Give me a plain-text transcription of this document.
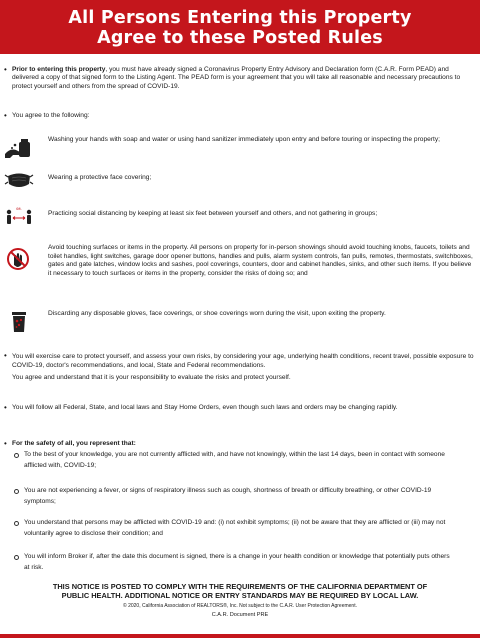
All Persons Entering this Property
Agree to these Posted Rules
• Prior to entering this property, you must have already signed a Coronavirus Property Entry Advisory and Declaration form (C.A.R. Form PEAD) and delivered a copy of that signed form to the Listing Agent. The PEAD form is your agreement that you will take all reasonable and necessary precautions to protect yourself and others from the spread of COVID-19.
• You agree to the following:
Washing your hands with soap and water or using hand sanitizer immediately upon entry and before touring or inspecting the property;
Wearing a protective face covering;
6ft.
Practicing social distancing by keeping at least six feet between yourself and others, and not gathering in groups;
Avoid touching surfaces or items in the property. All persons on property for in-person showings should avoid touching knobs, faucets, toilets and toilet handles, light switches, garage door opener buttons, handles and pulls, alarm system controls, fan pulls, remotes, thermostats, switchboxes, gates and gate latches, window locks and sashes, pool coverings, counters, door and cabinet handles, sinks, and other such items. If you believe it necessary to touch surfaces or items in the property, consider the risks of doing so; and
Discarding any disposable gloves, face coverings, or shoe coverings worn during the visit, upon exiting the property.
• You will exercise care to protect yourself, and assess your own risks, by considering your age, underlying health conditions, recent travel, possible exposure to COVID-19, doctor's recommendations, and local, State and Federal recommendations.
You agree and understand that it is your responsibility to evaluate the risks and protect yourself.
• You will follow all Federal, State, and local laws and Stay Home Orders, even though such laws and orders may be changing rapidly.
• For the safety of all, you represent that:
To the best of your knowledge, you are not currently afflicted with, and have not knowingly, within the last 14 days, been in contact with someone afflicted with, COVID-19;
You are not experiencing a fever, or signs of respiratory illness such as cough, shortness of breath or difficulty breathing, or other COVID-19 symptoms;
You understand that persons may be afflicted with COVID-19 and: (i) not exhibit symptoms; (ii) not be aware that they are afflicted or (iii) may not voluntarily agree to disclose their condition; and
You will inform Broker if, after the date this document is signed, there is a change in your health condition or knowledge that potentially puts others at risk.
THIS NOTICE IS POSTED TO COMPLY WITH THE REQUIREMENTS OF THE CALIFORNIA DEPARTMENT OF
PUBLIC HEALTH. ADDITIONAL NOTICE OR ENTRY STANDARDS MAY BE REQUIRED BY LOCAL LAW.
© 2020, California Association of REALTORS®, Inc. Not subject to the C.A.R. User Protection Agreement.
C.A.R. Document PRE
